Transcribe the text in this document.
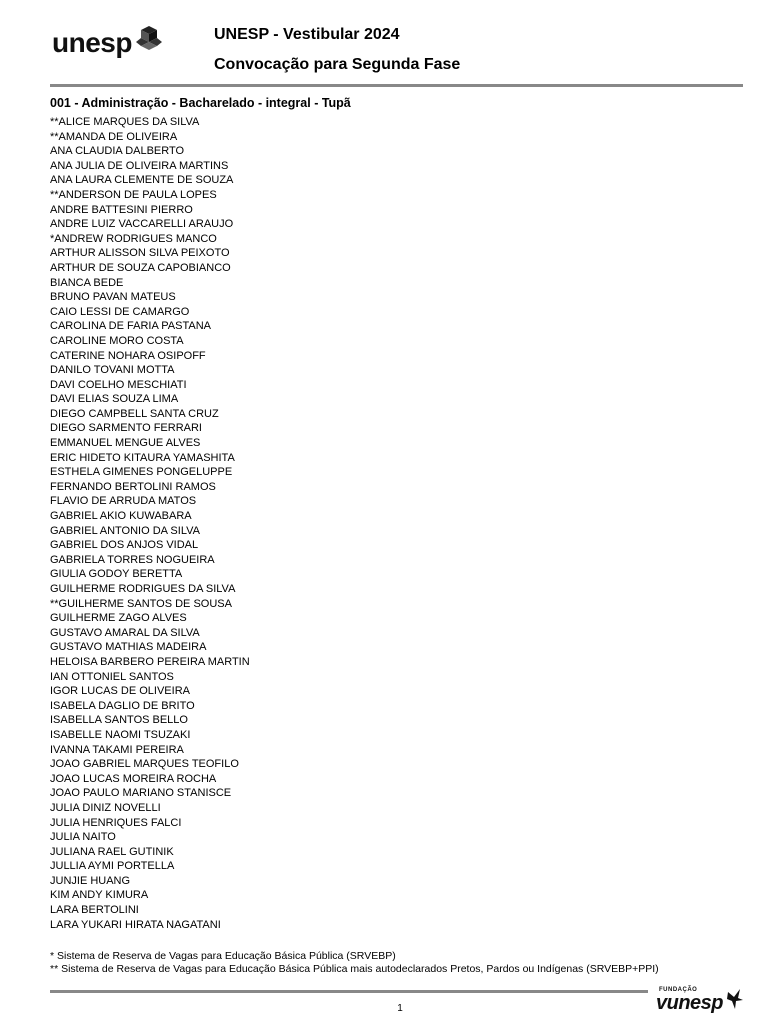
unesp	UNESP - Vestibular 2024
Convocação para Segunda Fase
001 - Administração - Bacharelado - integral - Tupã
**ALICE MARQUES DA SILVA
**AMANDA DE OLIVEIRA
ANA CLAUDIA DALBERTO
ANA JULIA DE OLIVEIRA MARTINS
ANA LAURA CLEMENTE DE SOUZA
**ANDERSON DE PAULA LOPES
ANDRE BATTESINI PIERRO
ANDRE LUIZ VACCARELLI ARAUJO
*ANDREW RODRIGUES MANCO
ARTHUR ALISSON SILVA PEIXOTO
ARTHUR DE SOUZA CAPOBIANCO
BIANCA BEDE
BRUNO PAVAN MATEUS
CAIO LESSI DE CAMARGO
CAROLINA DE FARIA PASTANA
CAROLINE MORO COSTA
CATERINE NOHARA OSIPOFF
DANILO TOVANI MOTTA
DAVI COELHO MESCHIATI
DAVI ELIAS SOUZA LIMA
DIEGO CAMPBELL SANTA CRUZ
DIEGO SARMENTO FERRARI
EMMANUEL MENGUE ALVES
ERIC HIDETO KITAURA YAMASHITA
ESTHELA GIMENES PONGELUPPE
FERNANDO BERTOLINI RAMOS
FLAVIO DE ARRUDA MATOS
GABRIEL AKIO KUWABARA
GABRIEL ANTONIO DA SILVA
GABRIEL DOS ANJOS VIDAL
GABRIELA TORRES NOGUEIRA
GIULIA GODOY BERETTA
GUILHERME RODRIGUES DA SILVA
**GUILHERME SANTOS DE SOUSA
GUILHERME ZAGO ALVES
GUSTAVO AMARAL DA SILVA
GUSTAVO MATHIAS MADEIRA
HELOISA BARBERO PEREIRA MARTIN
IAN OTTONIEL SANTOS
IGOR LUCAS DE OLIVEIRA
ISABELA DAGLIO DE BRITO
ISABELLA SANTOS BELLO
ISABELLE NAOMI TSUZAKI
IVANNA TAKAMI PEREIRA
JOAO GABRIEL MARQUES TEOFILO
JOAO LUCAS MOREIRA ROCHA
JOAO PAULO MARIANO STANISCE
JULIA DINIZ NOVELLI
JULIA HENRIQUES FALCI
JULIA NAITO
JULIANA RAEL GUTINIK
JULLIA AYMI PORTELLA
JUNJIE HUANG
KIM ANDY KIMURA
LARA BERTOLINI
LARA YUKARI HIRATA NAGATANI
* Sistema de Reserva de Vagas para Educação Básica Pública (SRVEBP)
** Sistema de Reserva de Vagas para Educação Básica Pública mais autodeclarados Pretos, Pardos ou Indígenas (SRVEBP+PPI)
1
FUNDAÇÃO
vunesp
